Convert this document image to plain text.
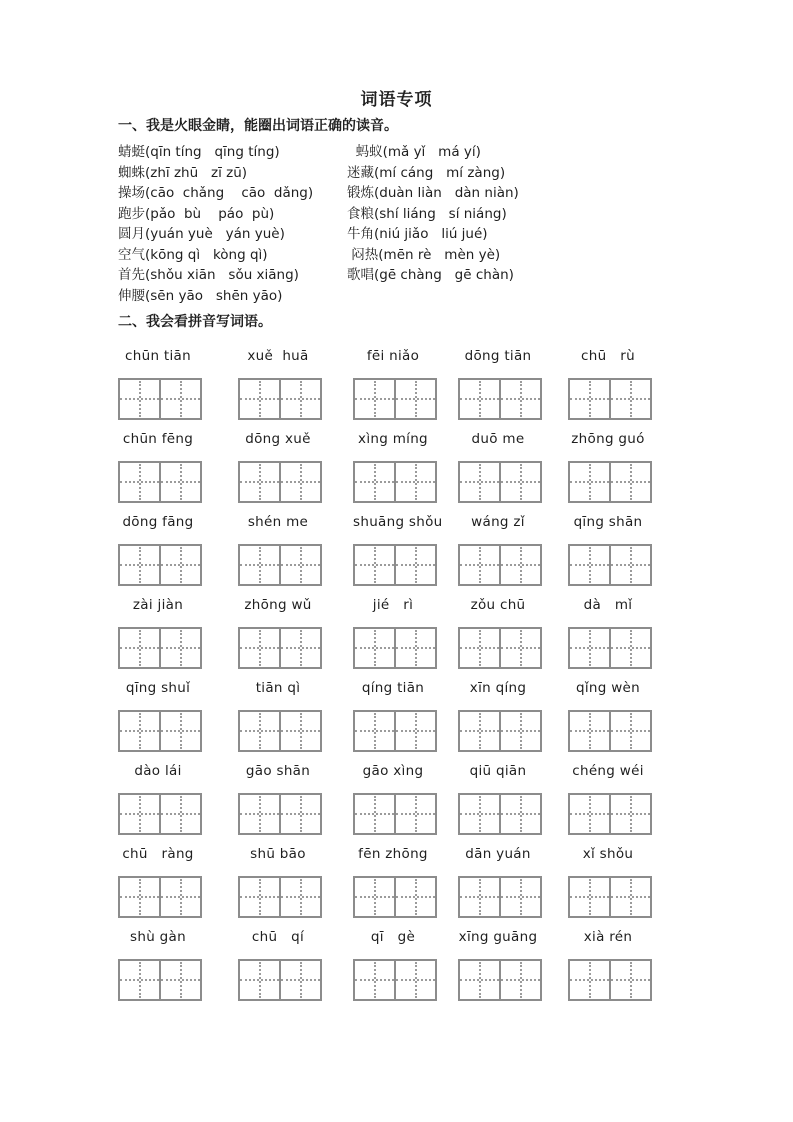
词语专项
一、我是火眼金睛，能圈出词语正确的读音。
蜻蜓(qīn tíng   qīng tíng)	蚂蚁(mǎ yǐ   má yí)
蜘蛛(zhī zhū   zī zū)	迷藏(mí cáng   mí zàng)
操场(cāo  chǎng    cāo  dǎng)	锻炼(duàn liàn   dàn niàn)
跑步(pǎo  bù    páo  pù)	食粮(shí liáng   sí niáng)
圆月(yuán yuè   yán yuè)	牛角(niú jiǎo   liú jué)
空气(kōng qì   kòng qì)	闷热(mēn rè   mèn yè)
首先(shǒu xiān   sǒu xiāng)	歌唱(gē chàng   gē chàn)
伸腰(sēn yāo   shēn yāo)
二、我会看拼音写词语。
chūn tiān	xuě  huā	fēi niǎo	dōng tiān	chū   rù
chūn fēng	dōng xuě	xìng míng	duō me	zhōng guó
dōng fāng	shén me	shuāng shǒu	wáng zǐ	qīng shān
zài jiàn	zhōng wǔ	jié   rì	zǒu chū	dà   mǐ
qīng shuǐ	tiān qì	qíng tiān	xīn qíng	qǐng wèn
dào lái	gāo shān	gāo xìng	qiū qiān	chéng wéi
chū   ràng	shū bāo	fēn zhōng	dān yuán	xǐ shǒu
shù gàn	chū   qí	qī   gè	xīng guāng	xià rén
